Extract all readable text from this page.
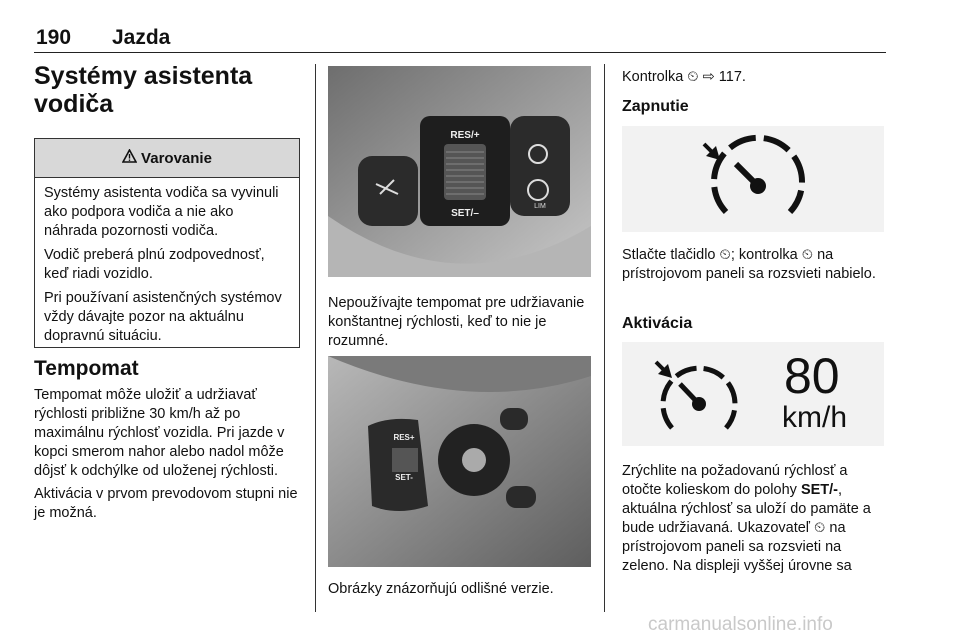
190 Jazda
Systémy asistenta vodiča
Varovanie

Systémy asistenta vodiča sa vyvinuli ako podpora vodiča a nie ako náhrada pozornosti vodiča.

Vodič preberá plnú zodpovednosť, keď riadi vozidlo.

Pri používaní asistenčných systémov vždy dávajte pozor na aktuálnu dopravnú situáciu.

Tempomat

Tempomat môže uložiť a udržiavať rýchlosti približne 30 km/h až po maximálnu rýchlosť vozidla. Pri jazde v kopci smerom nahor alebo nadol môže dôjsť k odchýlke od uloženej rýchlosti.

Aktivácia v prvom prevodovom stupni nie je možná.

RES/+
SET/–
LIM
Nepoužívajte tempomat pre udržiavanie konštantnej rýchlosti, keď to nie je rozumné.
RES+
SET-
Obrázky znázorňujú odlišné verzie.
Kontrolka ⏲ ⇨ 117.
Zapnutie
Stlačte tlačidlo ⏲; kontrolka ⏲ na prístrojovom paneli sa rozsvieti nabielo.
Aktivácia
80
km/h
Zrýchlite na požadovanú rýchlosť a otočte kolieskom do polohy SET/-, aktuálna rýchlosť sa uloží do pamäte a bude udržiavaná. Ukazovateľ ⏲ na prístrojovom paneli sa rozsvieti na zeleno. Na displeji vyššej úrovne sa
carmanualsonline.info
